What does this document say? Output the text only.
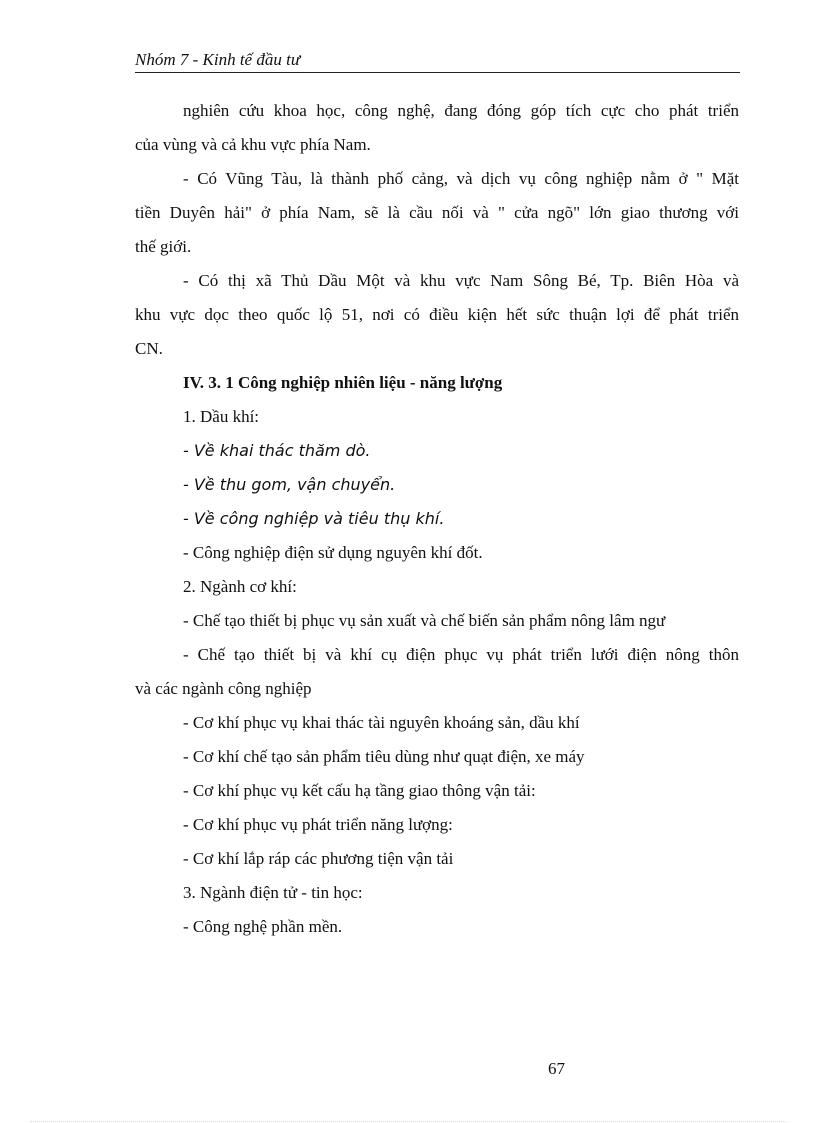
Nhóm 7 - Kinh tế đầu tư
nghiên cứu khoa học, công nghệ, đang đóng góp tích cực cho phát triển
của vùng và cả khu vực phía Nam.
- Có Vũng Tàu, là thành phố cảng, và dịch vụ công nghiệp nằm ở " Mặt
tiền Duyên hải" ở phía Nam, sẽ là cầu nối và " cửa ngõ" lớn giao thương với
thế giới.
- Có thị xã Thủ Dầu Một và khu vực Nam Sông Bé, Tp. Biên Hòa và
khu vực dọc theo quốc lộ 51, nơi có điều kiện hết sức thuận lợi để phát triển
CN.
IV. 3. 1 Công nghiệp nhiên liệu - năng lượng
1. Dầu khí:
- Về khai thác thăm dò.
- Về thu gom, vận chuyển.
- Về công nghiệp và tiêu thụ khí.
- Công nghiệp điện sử dụng nguyên khí đốt.
2. Ngành cơ khí:
- Chế tạo thiết bị phục vụ sản xuất và chế biến sản phẩm nông lâm ngư
- Chế tạo thiết bị và khí cụ điện phục vụ phát triển lưới điện nông thôn
và các ngành công nghiệp
- Cơ khí phục vụ khai thác tài nguyên khoáng sản, dầu khí
- Cơ khí chế tạo sản phẩm tiêu dùng như quạt điện, xe máy
- Cơ khí phục vụ kết cấu hạ tầng giao thông vận tải:
- Cơ khí phục vụ phát triển năng lượng:
- Cơ khí lắp ráp các phương tiện vận tải
3. Ngành điện tử - tin học:
- Công nghệ phần mền.
67
